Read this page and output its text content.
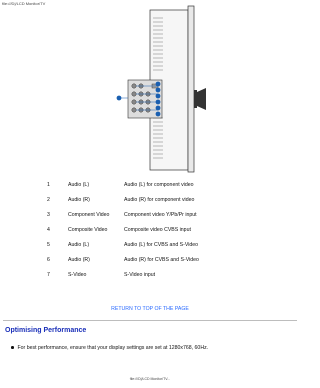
file:///D|/LCD Monitor/TV
1	Audio (L)	Audio (L) for component video
2	Audio (R)	Audio (R) for component video
3	Component Video	Component video Y/Pb/Pr input
4	Composite Video	Composite video CVBS input
5	Audio (L)	Audio (L) for CVBS and S-Video
6	Audio (R)	Audio (R) for CVBS and S-Video
7	S-Video	S-Video input
RETURN TO TOP OF THE PAGE
Optimising Performance
For best performance, ensure that your display settings are set at 1280x768, 60Hz.
file:///D|/LCD Monitor/TV...
